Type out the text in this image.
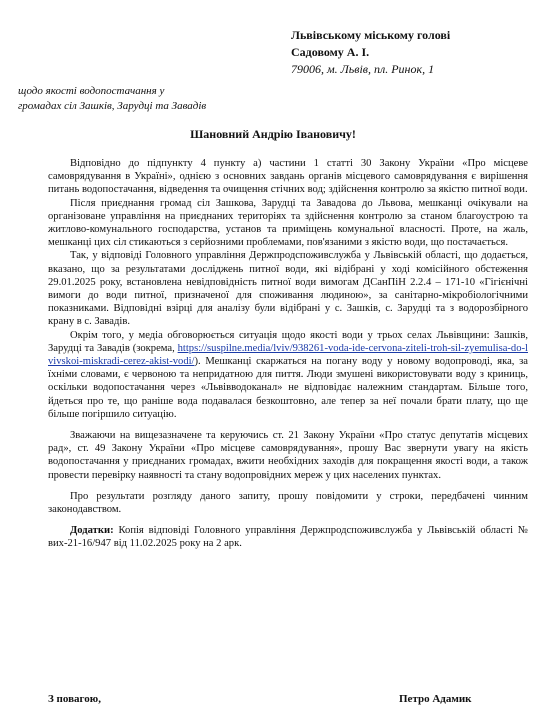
Львівському міському голові
Садовому А. І.
79006, м. Львів, пл. Ринок, 1
щодо якості водопостачання у
громадах сіл Зашків, Зарудці та Завадів
Шановний Андрію Івановичу!

Відповідно до підпункту 4 пункту а) частини 1 статті 30 Закону України «Про місцеве самоврядування в Україні», однією з основних завдань органів місцевого самоврядування є вирішення питань водопостачання, відведення та очищення стічних вод; здійснення контролю за якістю питної води.

Після приєднання громад сіл Зашкова, Зарудці та Завадова до Львова, мешканці очікували на організоване управління на приєднаних територіях та здійснення контролю за станом благоустрою та житлово-комунального господарства, установ та приміщень комунальної власності. Проте, на жаль, мешканці цих сіл стикаються з серйозними проблемами, пов'язаними з якістю води, що постачається.

Так, у відповіді Головного управління Держпродспоживслужба у Львівській області, що додається, вказано, що за результатами досліджень питної води, які відібрані у ході комісійного обстеження 29.01.2025 року, встановлена невідповідність питної води вимогам ДСанПіН 2.2.4 – 171-10 «Гігієнічні вимоги до води питної, призначеної для споживання людиною», за санітарно-мікробіологічними показниками. Відповідні взірці для аналізу були відібрані у с. Зашків, с. Зарудці та з водорозбірного крану в с. Завадів.

Окрім того, у медіа обговорюється ситуація щодо якості води у трьох селах Львівщини: Зашків, Зарудці та Завадів (зокрема, https://suspilne.media/lviv/938261-voda-ide-cervona-ziteli-troh-sil-zyemulisa-do-lvivskoi-miskradi-cerez-akist-vodi/). Мешканці скаржаться на погану воду у новому водопроводі, яка, за їхніми словами, є червоною та непридатною для пиття. Люди змушені використовувати воду з криниць, оскільки водопостачання через «Львівводоканал» не відповідає належним стандартам. Більше того, йдеться про те, що раніше вода подавалася безкоштовно, але тепер за неї почали брати плату, що ще більше погіршило ситуацію.

Зважаючи на вищезазначене та керуючись ст. 21 Закону України «Про статус депутатів місцевих рад», ст. 49 Закону України «Про місцеве самоврядування», прошу Вас звернути увагу на якість водопостачання у приєднаних громадах, вжити необхідних заходів для покращення якості води, а також провести перевірку наявності та стану водопровідних мереж у цих населених пунктах.

Про результати розгляду даного запиту, прошу повідомити у строки, передбачені чинним законодавством.

Додатки: Копія відповіді Головного управління Держпродспоживслужба у Львівській області № вих-21-16/947 від 11.02.2025 року на 2 арк.

З повагою,	Петро Адамик
